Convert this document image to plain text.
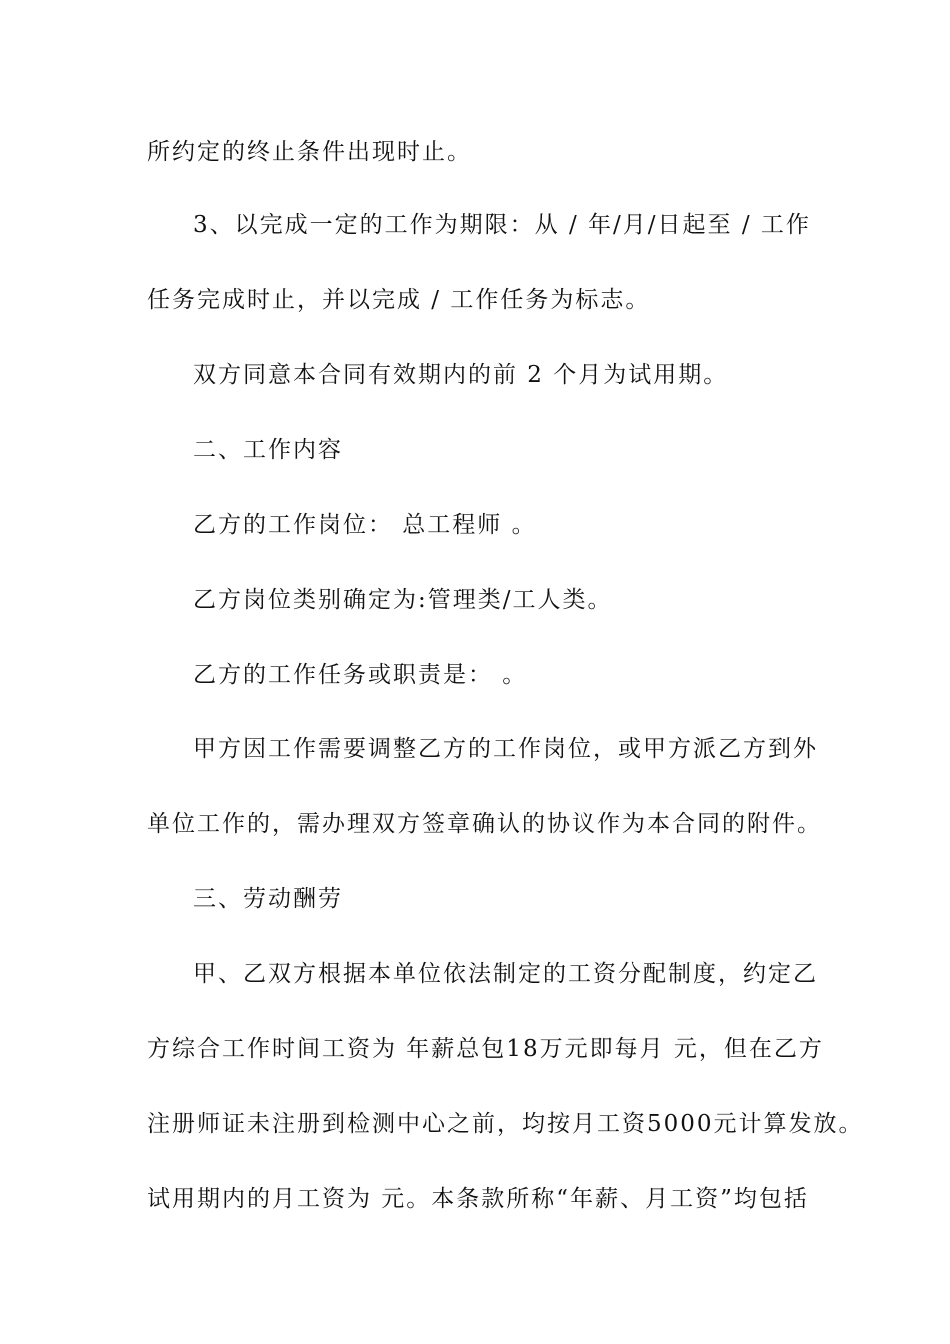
所约定的终止条件出现时止。
3、以完成一定的工作为期限：从 / 年/月/日起至 / 工作
任务完成时止，并以完成 / 工作任务为标志。
双方同意本合同有效期内的前 2 个月为试用期。
二、工作内容
乙方的工作岗位： 总工程师 。
乙方岗位类别确定为:管理类/工人类。
乙方的工作任务或职责是： 。
甲方因工作需要调整乙方的工作岗位，或甲方派乙方到外
单位工作的，需办理双方签章确认的协议作为本合同的附件。
三、劳动酬劳
甲、乙双方根据本单位依法制定的工资分配制度，约定乙
方综合工作时间工资为 年薪总包18万元即每月 元，但在乙方
注册师证未注册到检测中心之前，均按月工资5000元计算发放。
试用期内的月工资为 元。本条款所称“年薪、月工资”均包括
